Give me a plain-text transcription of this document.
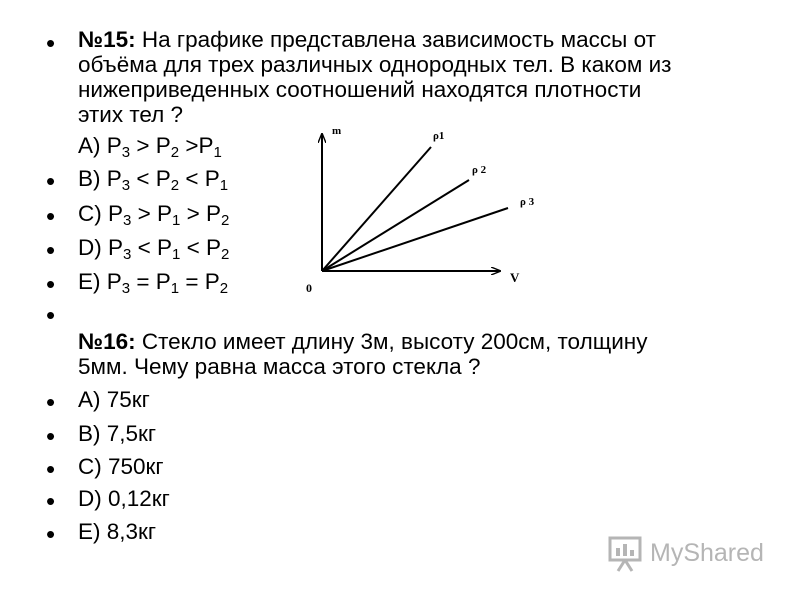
• №15: На графике представлена зависимость массы от
объёма для трех различных однородных тел. В каком из
нижеприведенных соотношений находятся плотности
этих тел ?
A) $P_3 > P_2 >P_1$
• B) $P_3 < P_2 < P_1$
• C) $P_3 > P_1 > P_2$
• D) $P_3 < P_1 < P_2$
• E) $P_3 = P_1 = P_2$
m
V
0
ρ1
ρ 2
ρ 3
•
№16: Стекло имеет длину 3м, высоту 200см, толщину
5мм. Чему равна масса этого стекла ?
• A) 75кг
• B) 7,5кг
• C) 750кг
• D) 0,12кг
• E) 8,3кг
MyShared
